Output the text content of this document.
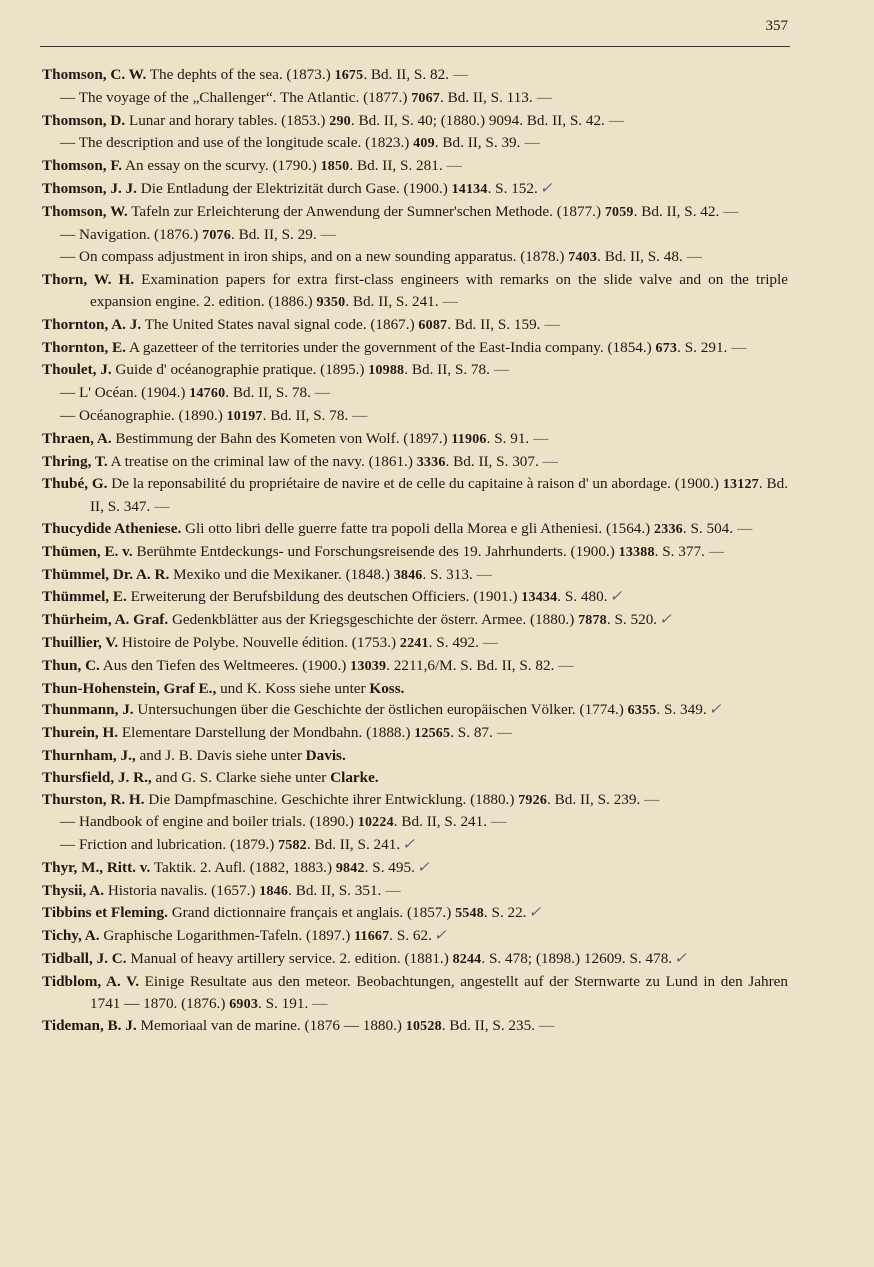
357
Thomson, C. W. The dephts of the sea. (1873.) 1675. Bd. II, S. 82. —
— The voyage of the „Challenger“. The Atlantic. (1877.) 7067. Bd. II, S. 113. —
Thomson, D. Lunar and horary tables. (1853.) 290. Bd. II, S. 40; (1880.) 9094. Bd. II, S. 42. —
— The description and use of the longitude scale. (1823.) 409. Bd. II, S. 39. —
Thomson, F. An essay on the scurvy. (1790.) 1850. Bd. II, S. 281. —
Thomson, J. J. Die Entladung der Elektrizität durch Gase. (1900.) 14134. S. 152. ✓
Thomson, W. Tafeln zur Erleichterung der Anwendung der Sumner'schen Methode. (1877.) 7059. Bd. II, S. 42. —
— Navigation. (1876.) 7076. Bd. II, S. 29. —
— On compass adjustment in iron ships, and on a new sounding apparatus. (1878.) 7403. Bd. II, S. 48. —
Thorn, W. H. Examination papers for extra first-class engineers with remarks on the slide valve and on the triple expansion engine. 2. edition. (1886.) 9350. Bd. II, S. 241. —
Thornton, A. J. The United States naval signal code. (1867.) 6087. Bd. II, S. 159. —
Thornton, E. A gazetteer of the territories under the government of the East-India company. (1854.) 673. S. 291. —
Thoulet, J. Guide d' océanographie pratique. (1895.) 10988. Bd. II, S. 78. —
— L' Océan. (1904.) 14760. Bd. II, S. 78. —
— Océanographie. (1890.) 10197. Bd. II, S. 78. —
Thraen, A. Bestimmung der Bahn des Kometen von Wolf. (1897.) 11906. S. 91. —
Thring, T. A treatise on the criminal law of the navy. (1861.) 3336. Bd. II, S. 307. —
Thubé, G. De la reponsabilité du propriétaire de navire et de celle du capitaine à raison d' un abordage. (1900.) 13127. Bd. II, S. 347. —
Thucydide Atheniese. Gli otto libri delle guerre fatte tra popoli della Morea e gli Atheniesi. (1564.) 2336. S. 504. —
Thümen, E. v. Berühmte Entdeckungs- und Forschungsreisende des 19. Jahrhunderts. (1900.) 13388. S. 377. —
Thümmel, Dr. A. R. Mexiko und die Mexikaner. (1848.) 3846. S. 313. —
Thümmel, E. Erweiterung der Berufsbildung des deutschen Officiers. (1901.) 13434. S. 480. ✓
Thürheim, A. Graf. Gedenkblätter aus der Kriegsgeschichte der österr. Armee. (1880.) 7878. S. 520. ✓
Thuillier, V. Histoire de Polybe. Nouvelle édition. (1753.) 2241. S. 492. —
Thun, C. Aus den Tiefen des Weltmeeres. (1900.) 13039. 2211,6/M. S. Bd. II, S. 82. —
Thun-Hohenstein, Graf E., und K. Koss siehe unter Koss.
Thunmann, J. Untersuchungen über die Geschichte der östlichen europäischen Völker. (1774.) 6355. S. 349. ✓
Thurein, H. Elementare Darstellung der Mondbahn. (1888.) 12565. S. 87. —
Thurnham, J., and J. B. Davis siehe unter Davis.
Thursfield, J. R., and G. S. Clarke siehe unter Clarke.
Thurston, R. H. Die Dampfmaschine. Geschichte ihrer Entwicklung. (1880.) 7926. Bd. II, S. 239. —
— Handbook of engine and boiler trials. (1890.) 10224. Bd. II, S. 241. —
— Friction and lubrication. (1879.) 7582. Bd. II, S. 241. ✓
Thyr, M., Ritt. v. Taktik. 2. Aufl. (1882, 1883.) 9842. S. 495. ✓
Thysii, A. Historia navalis. (1657.) 1846. Bd. II, S. 351. —
Tibbins et Fleming. Grand dictionnaire français et anglais. (1857.) 5548. S. 22. ✓
Tichy, A. Graphische Logarithmen-Tafeln. (1897.) 11667. S. 62. ✓
Tidball, J. C. Manual of heavy artillery service. 2. edition. (1881.) 8244. S. 478; (1898.) 12609. S. 478. ✓
Tidblom, A. V. Einige Resultate aus den meteor. Beobachtungen, angestellt auf der Sternwarte zu Lund in den Jahren 1741 — 1870. (1876.) 6903. S. 191. —
Tideman, B. J. Memoriaal van de marine. (1876 — 1880.) 10528. Bd. II, S. 235. —
